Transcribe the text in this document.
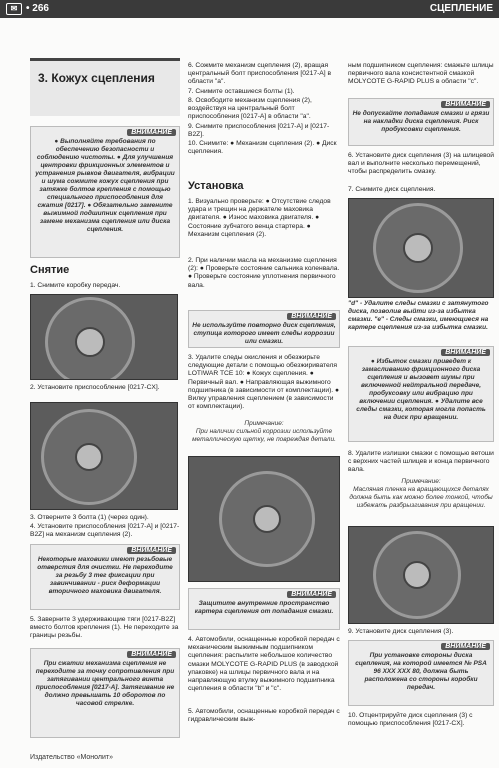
✉ • 266	СЦЕПЛЕНИЕ
3. Кожух сцепления
ВНИМАНИЕ
● Выполняйте требования по обеспечению безопасности и соблюдению чистоты. ● Для улучшения центровки фрикционных элементов и устранения рывков двигателя, вибрации и шума сожмите кожух сцепления при затяжке болтов крепления с помощью специального приспособления для сжатия [0217]. ● Обязательно замените выжимной подшипник сцепления при замене механизма сцепления или диска сцепления.
Снятие
1. Снимите коробку передач.
2. Установите приспособление [0217-CX].
3. Отверните 3 болта (1) (через один).
4. Установите приспособления [0217-A] и [0217-B2Z] на механизм сцепления (2).
ВНИМАНИЕ
Некоторые маховики имеют резьбовые отверстия для очистки. Не переходите за резьбу 3 тег фиксации при завинчивании - риск деформации вторичного маховика двигателя.
5. Заверните 3 удерживающие тяги [0217-B2Z] вместо болтов крепления (1). Не переходите за границы резьбы.
ВНИМАНИЕ
При сжатии механизма сцепления не переходите за точку сопротивления при затягивании центрального винта приспособления [0217-A]. Затягивание не должно превышать 10 оборотов по часовой стрелке.
6. Сожмите механизм сцепления (2), вращая центральный болт приспособления [0217-A] в области "a".
7. Снимите оставшиеся болты (1).
8. Освободите механизм сцепления (2), воздействуя на центральный болт приспособления [0217-A] в области "a".
9. Снимите приспособления [0217-A] и [0217-B2Z].
10. Снимите: ● Механизм сцепления (2). ● Диск сцепления.
Установка
1. Визуально проверьте: ● Отсутствие следов удара и трещин на держателе маховика двигателя. ● Износ маховика двигателя. ● Состояние зубчатого венца стартера. ● Механизм сцепления (2).
2. При наличии масла на механизме сцепления (2): ● Проверьте состояние сальника коленвала. ● Проверьте состояние уплотнения первичного вала.
ВНИМАНИЕ
Не используйте повторно диск сцепления, ступица которого имеет следы коррозии или смазки.
3. Удалите следы окисления и обезжирьте следующие детали с помощью обезжиривателя LOTIWAR TCE 10: ● Кожух сцепления. ● Первичный вал. ● Направляющая выжимного подшипника (в зависимости от комплектации). ● Вилку управления сцеплением (в зависимости от комплектации).
Примечание:
При наличии сильной коррозии используйте металлическую щетку, не повреждая детали.
ВНИМАНИЕ
Защитите внутренние пространство картера сцепления от попадания смазки.
4. Автомобили, оснащенные коробкой передач с механическим выжимным подшипником сцепления: распылите небольшое количество смазки MOLYCOTE G-RAPID PLUS (в заводской упаковке) на шлицы первичного вала и на направляющую втулку выжимного подшипника сцепления в области "b" и "c".
5. Автомобили, оснащенные коробкой передач с гидравлическим выж-
ным подшипником сцепления: смажьте шлицы первичного вала консистентной смазкой MOLYCOTE G-RAPID PLUS в области "c".
ВНИМАНИЕ
Не допускайте попадания смазки и грязи на накладки диска сцепления. Риск пробуксовки сцепления.
6. Установите диск сцепления (3) на шлицевой вал и выполните несколько перемещений, чтобы распределить смазку.
7. Снимите диск сцепления.
"d" - Удалите следы смазки с затянутого диска, позволив выйти из-за избытка смазки. "e" - Следы смазки, имеющиеся на картере сцепления из-за избытка смазки.
ВНИМАНИЕ
● Избыток смазки приведет к замасливанию фрикционного диска сцепления и вызовет шумы при включенной нейтральной передаче, пробуксовку или вибрацию при включении сцепления. ● Удалите все следы смазки, которая могла попасть на диск при вращении.
8. Удалите излишки смазки с помощью ветоши с верхних частей шлицев и конца первичного вала.
Примечание:
Масляная пленка на вращающихся деталях должна быть как можно более тонкой, чтобы избежать разбрызгивания при вращении.
9. Установите диск сцепления (3).
ВНИМАНИЕ
При установке стороны диска сцепления, на которой имеется № PSA 96 XXX XXX 80, должна быть расположена со стороны коробки передач.
10. Отцентрируйте диск сцепления (3) с помощью приспособления [0217-CX].
Издательство «Монолит»
